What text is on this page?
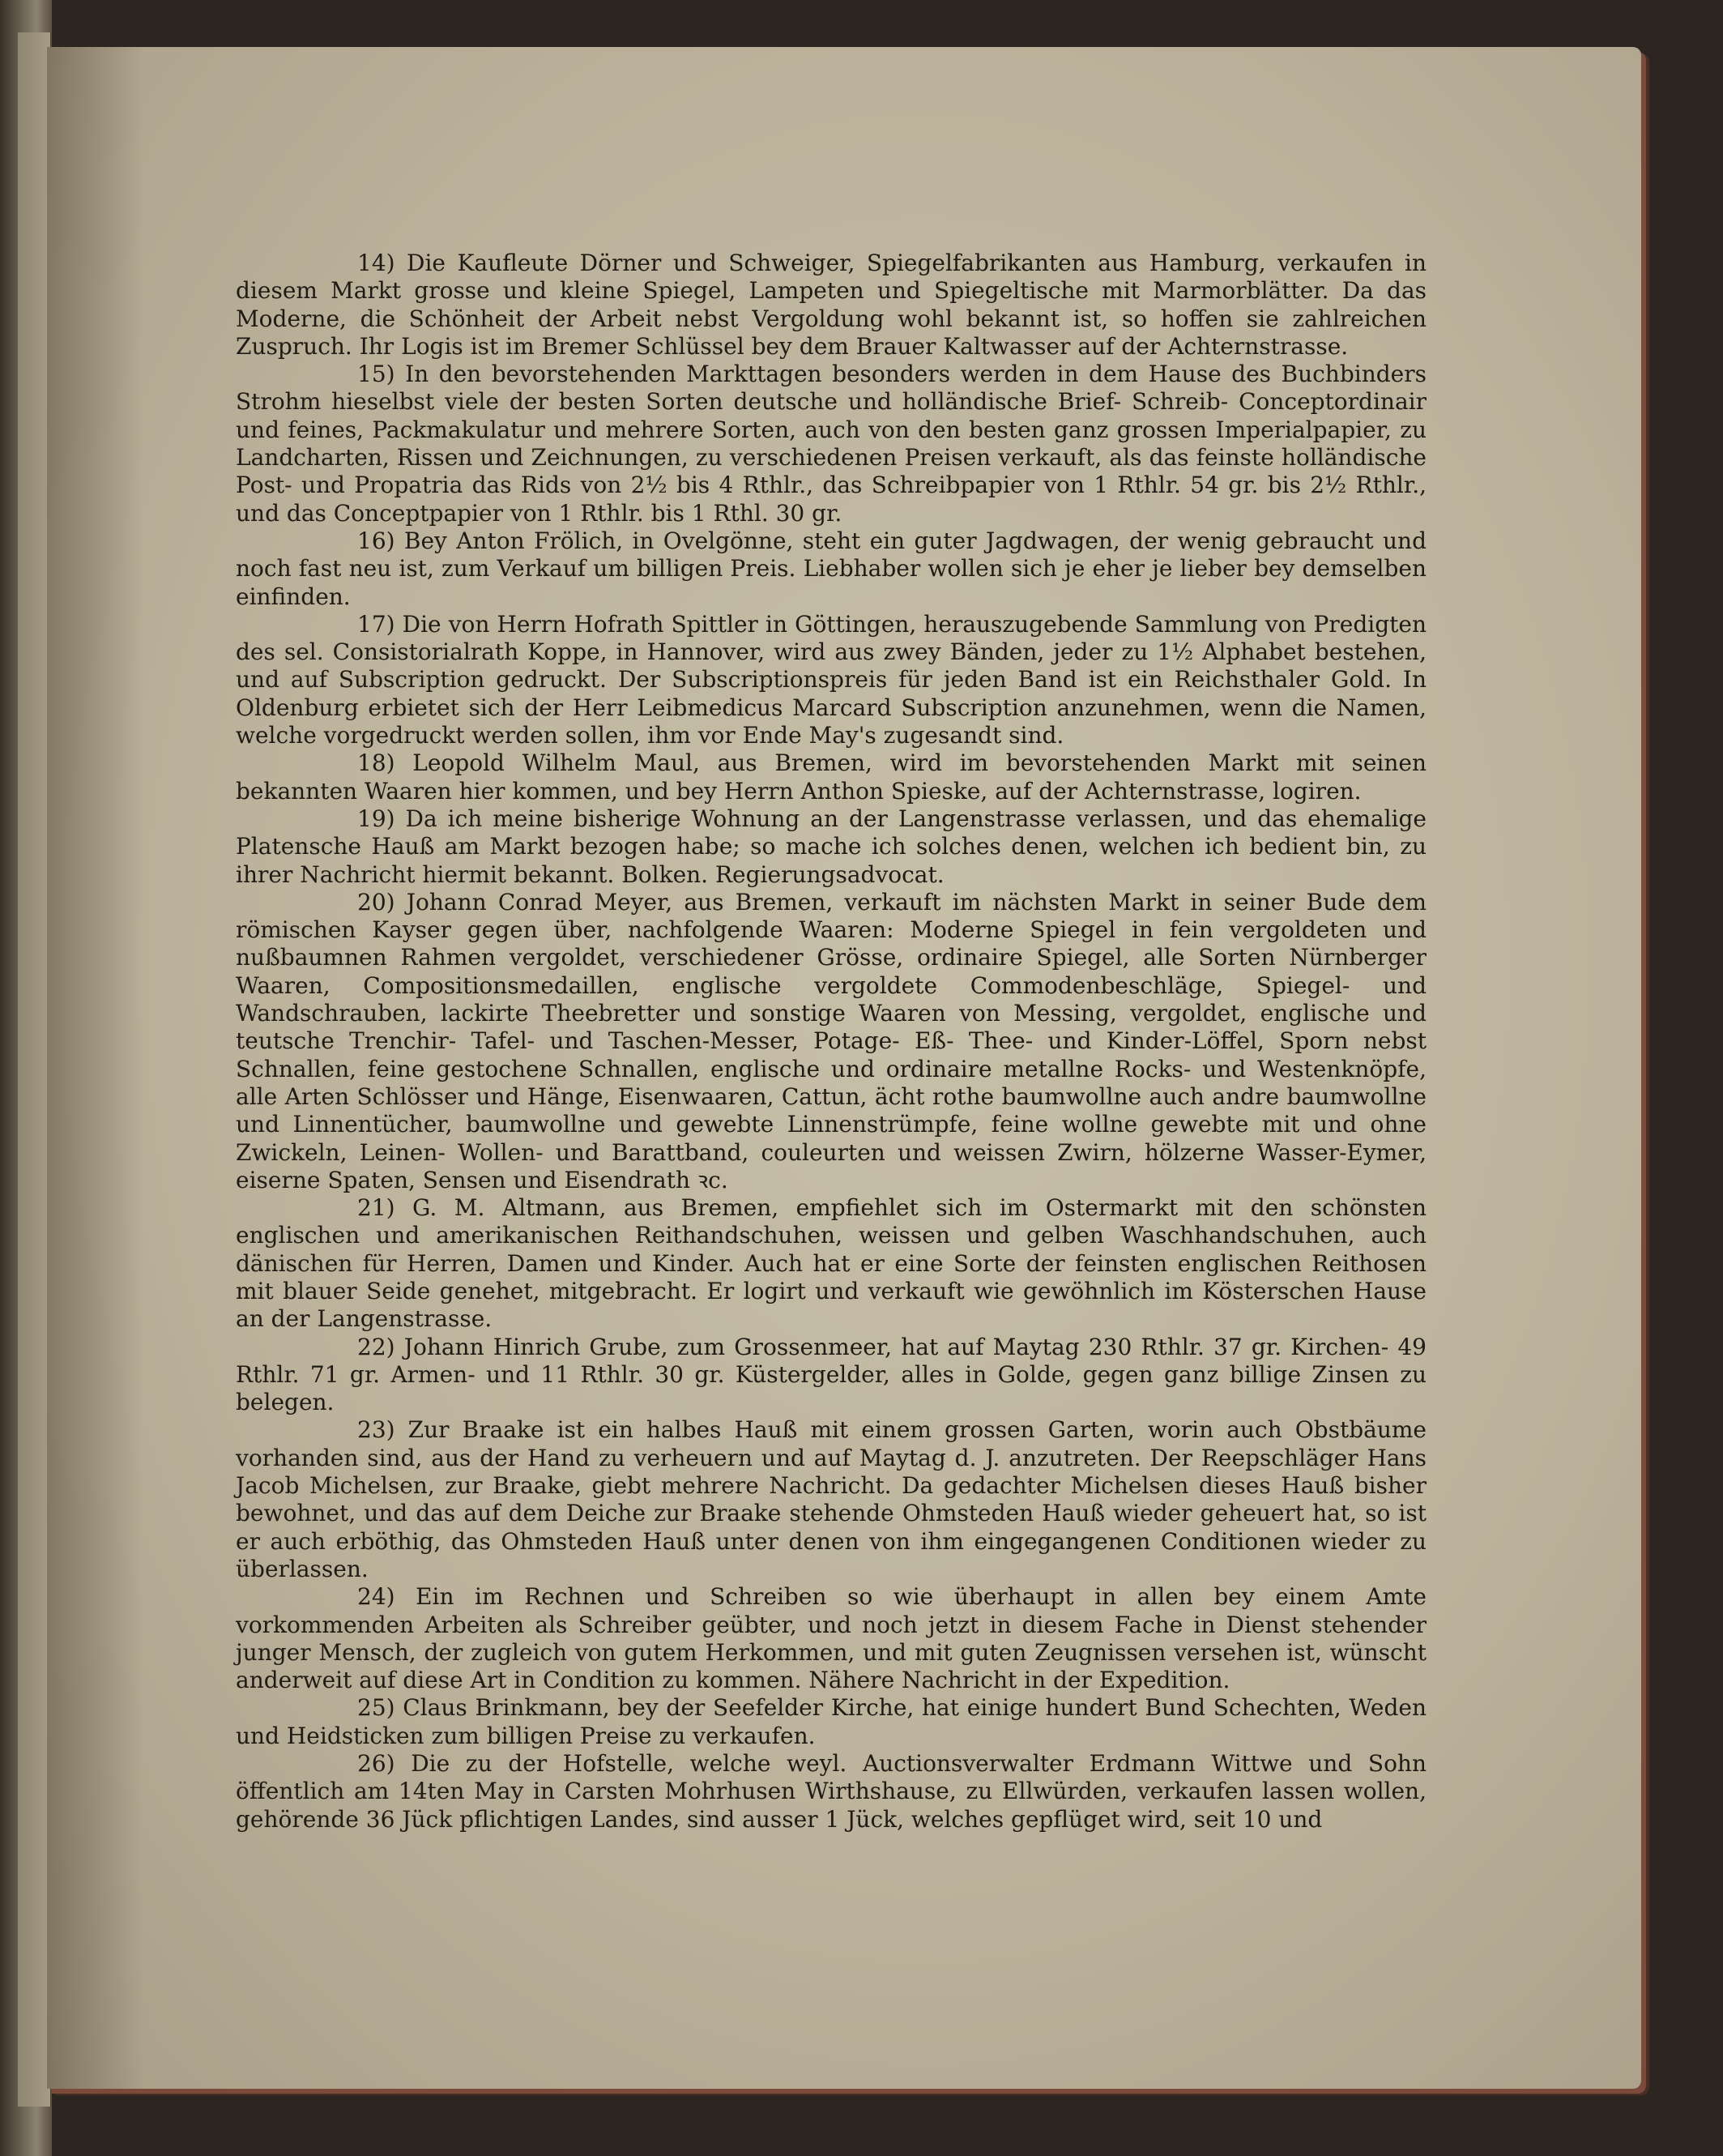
14) Die Kaufleute Dörner und Schweiger, Spiegelfabrikanten aus Hamburg, verkaufen in diesem Markt grosse und kleine Spiegel, Lampeten und Spiegeltische mit Marmorblätter. Da das Moderne, die Schönheit der Arbeit nebst Vergoldung wohl bekannt ist, so hoffen sie zahlreichen Zuspruch. Ihr Logis ist im Bremer Schlüssel bey dem Brauer Kaltwasser auf der Achternstrasse.

15) In den bevorstehenden Markttagen besonders werden in dem Hause des Buchbinders Strohm hieselbst viele der besten Sorten deutsche und holländische Brief- Schreib- Conceptordinair und feines, Packmakulatur und mehrere Sorten, auch von den besten ganz grossen Imperialpapier, zu Landcharten, Rissen und Zeichnungen, zu verschiedenen Preisen verkauft, als das feinste holländische Post- und Propatria das Rids von 2½ bis 4 Rthlr., das Schreibpapier von 1 Rthlr. 54 gr. bis 2½ Rthlr., und das Conceptpapier von 1 Rthlr. bis 1 Rthl. 30 gr.

16) Bey Anton Frölich, in Ovelgönne, steht ein guter Jagdwagen, der wenig gebraucht und noch fast neu ist, zum Verkauf um billigen Preis. Liebhaber wollen sich je eher je lieber bey demselben einfinden.

17) Die von Herrn Hofrath Spittler in Göttingen, herauszugebende Sammlung von Predigten des sel. Consistorialrath Koppe, in Hannover, wird aus zwey Bänden, jeder zu 1½ Alphabet bestehen, und auf Subscription gedruckt. Der Subscriptionspreis für jeden Band ist ein Reichsthaler Gold. In Oldenburg erbietet sich der Herr Leibmedicus Marcard Subscription anzunehmen, wenn die Namen, welche vorgedruckt werden sollen, ihm vor Ende May's zugesandt sind.

18) Leopold Wilhelm Maul, aus Bremen, wird im bevorstehenden Markt mit seinen bekannten Waaren hier kommen, und bey Herrn Anthon Spieske, auf der Achternstrasse, logiren.

19) Da ich meine bisherige Wohnung an der Langenstrasse verlassen, und das ehemalige Platensche Hauß am Markt bezogen habe; so mache ich solches denen, welchen ich bedient bin, zu ihrer Nachricht hiermit bekannt. Bolken. Regierungsadvocat.

20) Johann Conrad Meyer, aus Bremen, verkauft im nächsten Markt in seiner Bude dem römischen Kayser gegen über, nachfolgende Waaren: Moderne Spiegel in fein vergoldeten und nußbaumnen Rahmen vergoldet, verschiedener Grösse, ordinaire Spiegel, alle Sorten Nürnberger Waaren, Compositionsmedaillen, englische vergoldete Commodenbeschläge, Spiegel- und Wandschrauben, lackirte Theebretter und sonstige Waaren von Messing, vergoldet, englische und teutsche Trenchir- Tafel- und Taschen-Messer, Potage- Eß- Thee- und Kinder-Löffel, Sporn nebst Schnallen, feine gestochene Schnallen, englische und ordinaire metallne Rocks- und Westenknöpfe, alle Arten Schlösser und Hänge, Eisenwaaren, Cattun, ächt rothe baumwollne auch andre baumwollne und Linnentücher, baumwollne und gewebte Linnenstrümpfe, feine wollne gewebte mit und ohne Zwickeln, Leinen- Wollen- und Barattband, couleurten und weissen Zwirn, hölzerne Wasser-Eymer, eiserne Spaten, Sensen und Eisendrath ꝛc.

21) G. M. Altmann, aus Bremen, empfiehlet sich im Ostermarkt mit den schönsten englischen und amerikanischen Reithandschuhen, weissen und gelben Waschhandschuhen, auch dänischen für Herren, Damen und Kinder. Auch hat er eine Sorte der feinsten englischen Reithosen mit blauer Seide genehet, mitgebracht. Er logirt und verkauft wie gewöhnlich im Kösterschen Hause an der Langenstrasse.

22) Johann Hinrich Grube, zum Grossenmeer, hat auf Maytag 230 Rthlr. 37 gr. Kirchen- 49 Rthlr. 71 gr. Armen- und 11 Rthlr. 30 gr. Küstergelder, alles in Golde, gegen ganz billige Zinsen zu belegen.

23) Zur Braake ist ein halbes Hauß mit einem grossen Garten, worin auch Obstbäume vorhanden sind, aus der Hand zu verheuern und auf Maytag d. J. anzutreten. Der Reepschläger Hans Jacob Michelsen, zur Braake, giebt mehrere Nachricht. Da gedachter Michelsen dieses Hauß bisher bewohnet, und das auf dem Deiche zur Braake stehende Ohmsteden Hauß wieder geheuert hat, so ist er auch erböthig, das Ohmsteden Hauß unter denen von ihm eingegangenen Conditionen wieder zu überlassen.

24) Ein im Rechnen und Schreiben so wie überhaupt in allen bey einem Amte vorkommenden Arbeiten als Schreiber geübter, und noch jetzt in diesem Fache in Dienst stehender junger Mensch, der zugleich von gutem Herkommen, und mit guten Zeugnissen versehen ist, wünscht anderweit auf diese Art in Condition zu kommen. Nähere Nachricht in der Expedition.

25) Claus Brinkmann, bey der Seefelder Kirche, hat einige hundert Bund Schechten, Weden und Heidsticken zum billigen Preise zu verkaufen.

26) Die zu der Hofstelle, welche weyl. Auctionsverwalter Erdmann Wittwe und Sohn öffentlich am 14ten May in Carsten Mohrhusen Wirthshause, zu Ellwürden, verkaufen lassen wollen, gehörende 36 Jück pflichtigen Landes, sind ausser 1 Jück, welches gepflüget wird, seit 10 und
